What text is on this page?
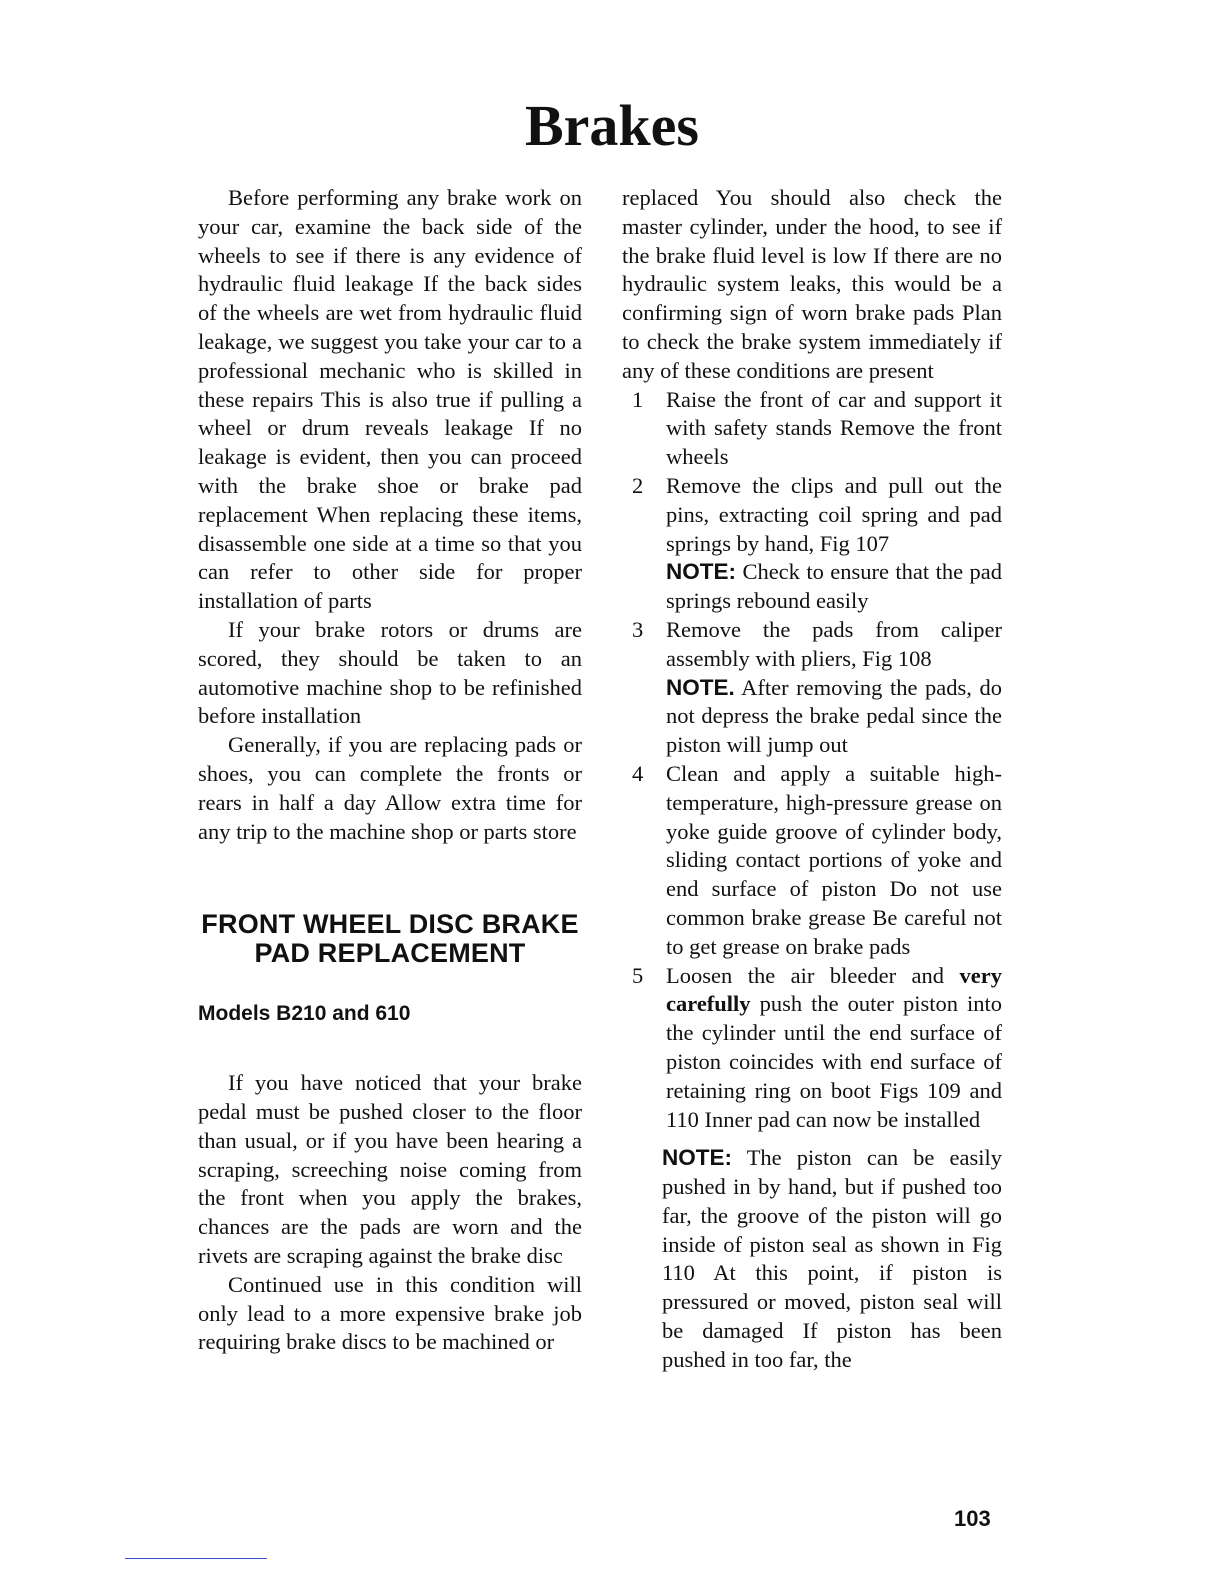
Brakes

Before performing any brake work on your car, examine the back side of the wheels to see if there is any evidence of hydraulic fluid leakage If the back sides of the wheels are wet from hydraulic fluid leakage, we suggest you take your car to a professional mechanic who is skilled in these repairs This is also true if pulling a wheel or drum reveals leakage If no leakage is evident, then you can proceed with the brake shoe or brake pad replacement When replacing these items, disassemble one side at a time so that you can refer to other side for proper installation of parts

If your brake rotors or drums are scored, they should be taken to an automotive machine shop to be refinished before installation

Generally, if you are replacing pads or shoes, you can complete the fronts or rears in half a day Allow extra time for any trip to the machine shop or parts store

FRONT WHEEL DISC BRAKE PAD REPLACEMENT
Models B210 and 610

If you have noticed that your brake pedal must be pushed closer to the floor than usual, or if you have been hearing a scraping, screeching noise coming from the front when you apply the brakes, chances are the pads are worn and the rivets are scraping against the brake disc

Continued use in this condition will only lead to a more expensive brake job requiring brake discs to be machined or

replaced You should also check the master cylinder, under the hood, to see if the brake fluid level is low If there are no hydraulic system leaks, this would be a confirming sign of worn brake pads Plan to check the brake system immediately if any of these conditions are present

1 Raise the front of car and support it with safety stands Remove the front wheels
2 Remove the clips and pull out the pins, extracting coil spring and pad springs by hand, Fig 107
NOTE: Check to ensure that the pad springs rebound easily
3 Remove the pads from caliper assembly with pliers, Fig 108
NOTE. After removing the pads, do not depress the brake pedal since the piston will jump out
4 Clean and apply a suitable high-temperature, high-pressure grease on yoke guide groove of cylinder body, sliding contact portions of yoke and end surface of piston Do not use common brake grease Be careful not to get grease on brake pads
5 Loosen the air bleeder and very carefully push the outer piston into the cylinder until the end surface of piston coincides with end surface of retaining ring on boot Figs 109 and 110 Inner pad can now be installed
NOTE: The piston can be easily pushed in by hand, but if pushed too far, the groove of the piston will go inside of piston seal as shown in Fig 110 At this point, if piston is pressured or moved, piston seal will be damaged If piston has been pushed in too far, the
103
